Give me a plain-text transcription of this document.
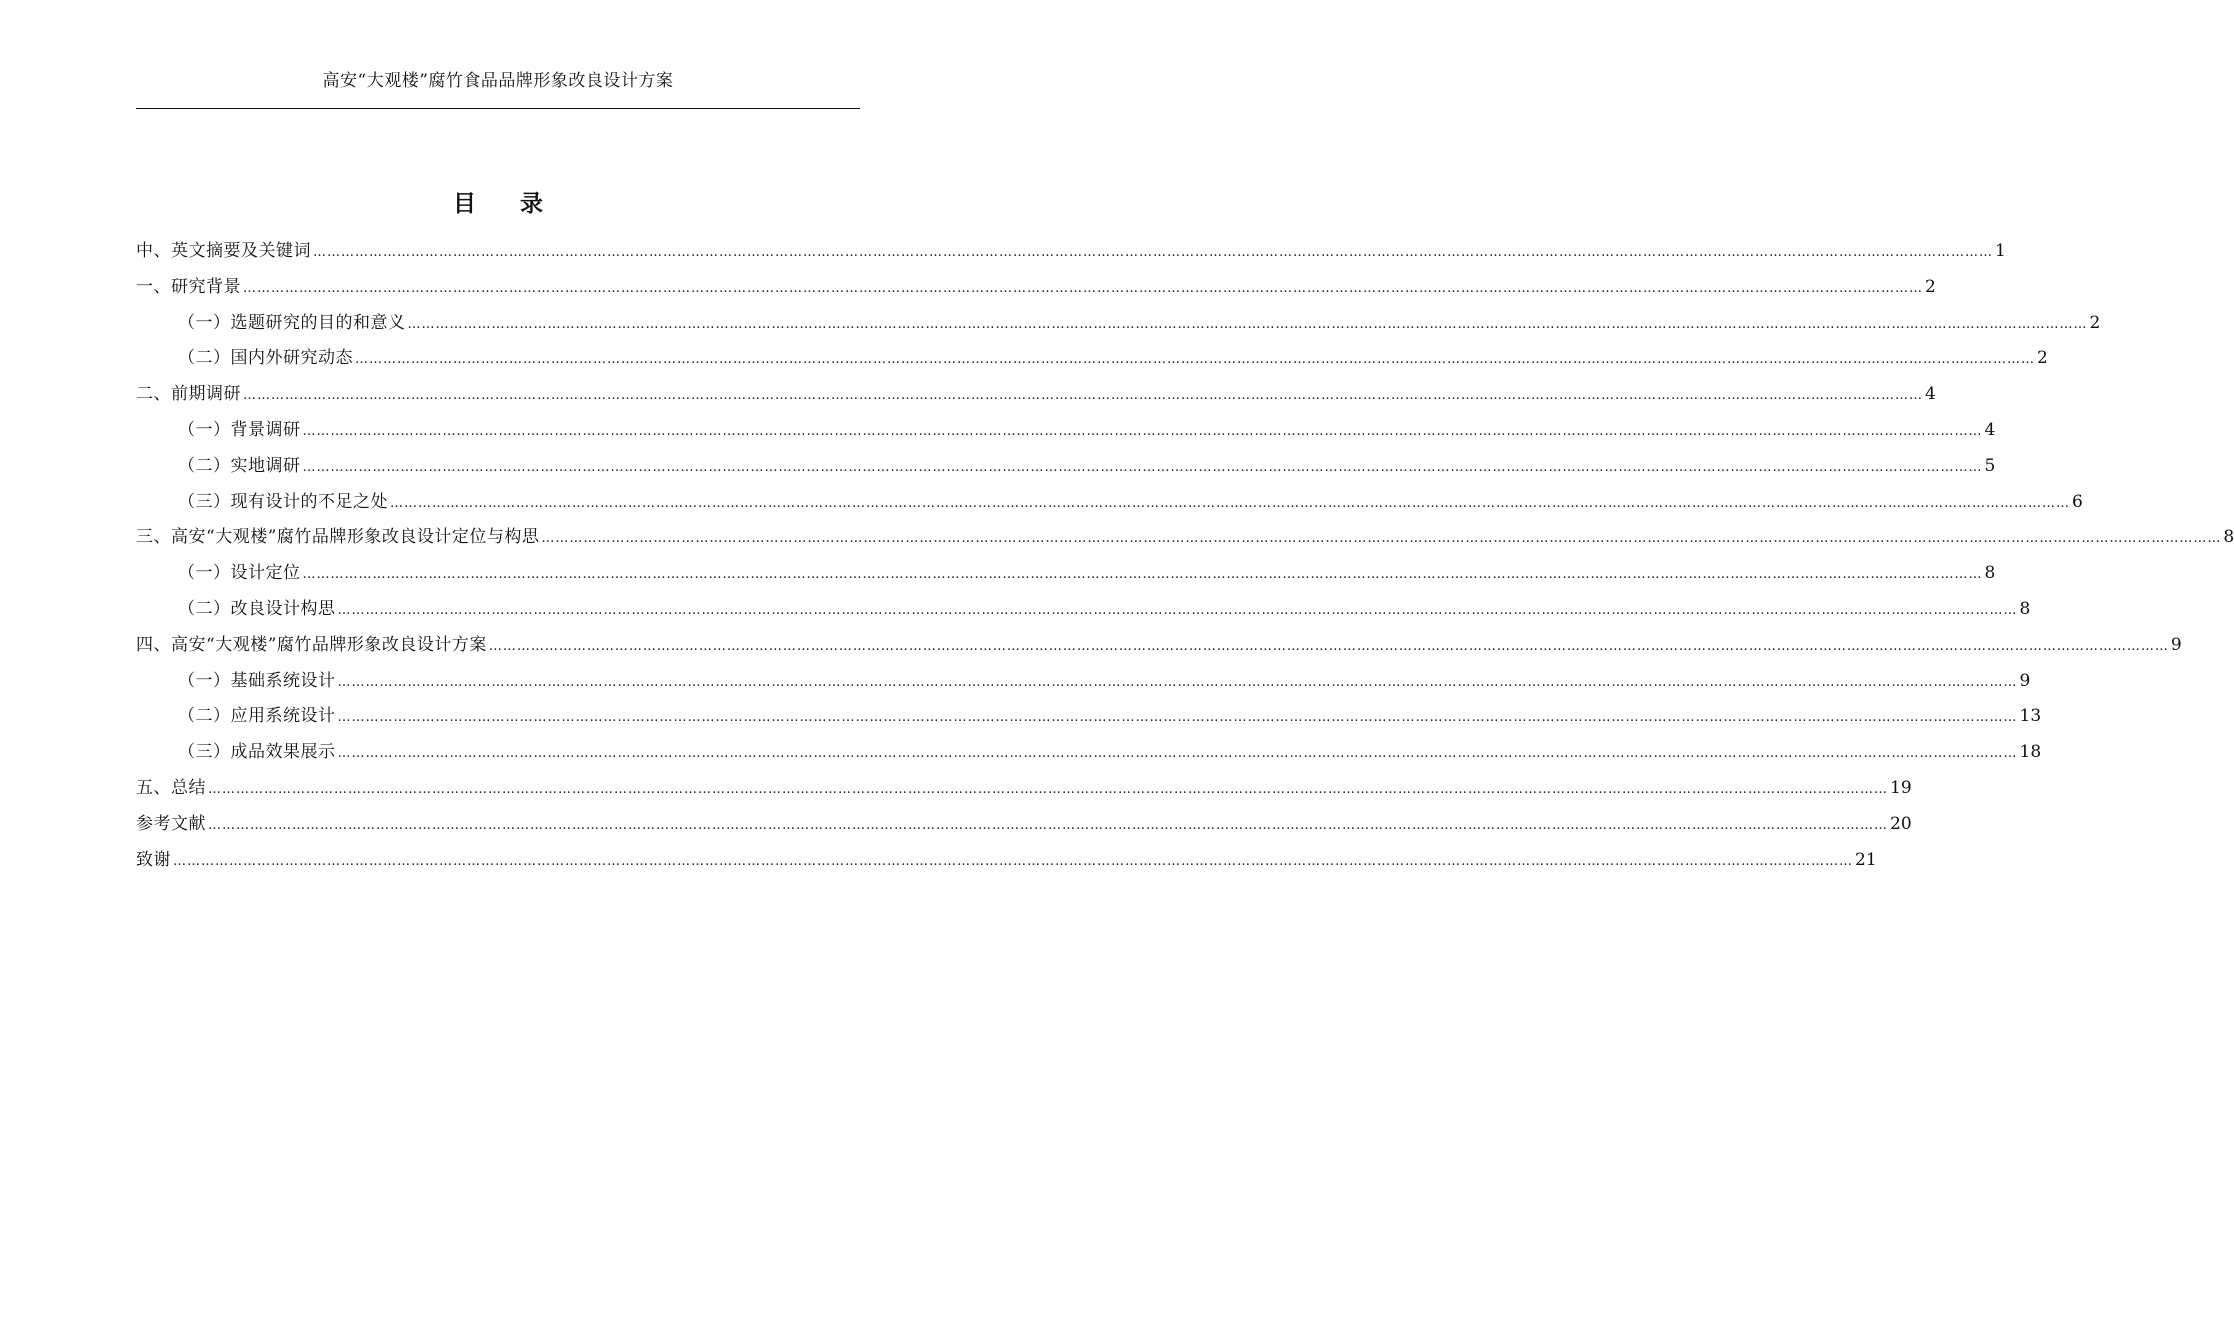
高安“大观楼”腐竹食品品牌形象改良设计方案
目录
中、英文摘要及关键词 ……………………………………………………………………………………………………………………………………………………………………………………………………………………………………………………………………………………………………………………………… 1
一、研究背景 ……………………………………………………………………………………………………………………………………………………………………………………………………………………………………………………………………………………………………………………………… 2
（一）选题研究的目的和意义 ……………………………………………………………………………………………………………………………………………………………………………………………………………………………………………………………………………………………………………………………… 2
（二）国内外研究动态 ……………………………………………………………………………………………………………………………………………………………………………………………………………………………………………………………………………………………………………………………… 2
二、前期调研 ……………………………………………………………………………………………………………………………………………………………………………………………………………………………………………………………………………………………………………………………… 4
（一）背景调研 ……………………………………………………………………………………………………………………………………………………………………………………………………………………………………………………………………………………………………………………………… 4
（二）实地调研 ……………………………………………………………………………………………………………………………………………………………………………………………………………………………………………………………………………………………………………………………… 5
（三）现有设计的不足之处 ……………………………………………………………………………………………………………………………………………………………………………………………………………………………………………………………………………………………………………………………… 6
三、高安“大观楼”腐竹品牌形象改良设计定位与构思 ……………………………………………………………………………………………………………………………………………………………………………………………………………………………………………………………………………………………………………………………… 8
（一）设计定位 ……………………………………………………………………………………………………………………………………………………………………………………………………………………………………………………………………………………………………………………………… 8
（二）改良设计构思 ……………………………………………………………………………………………………………………………………………………………………………………………………………………………………………………………………………………………………………………………… 8
四、高安“大观楼”腐竹品牌形象改良设计方案 ……………………………………………………………………………………………………………………………………………………………………………………………………………………………………………………………………………………………………………………………… 9
（一）基础系统设计 ……………………………………………………………………………………………………………………………………………………………………………………………………………………………………………………………………………………………………………………………… 9
（二）应用系统设计 ……………………………………………………………………………………………………………………………………………………………………………………………………………………………………………………………………………………………………………………………… 13
（三）成品效果展示 ……………………………………………………………………………………………………………………………………………………………………………………………………………………………………………………………………………………………………………………………… 18
五、总结 ……………………………………………………………………………………………………………………………………………………………………………………………………………………………………………………………………………………………………………………………… 19
参考文献 ……………………………………………………………………………………………………………………………………………………………………………………………………………………………………………………………………………………………………………………………… 20
致谢 ……………………………………………………………………………………………………………………………………………………………………………………………………………………………………………………………………………………………………………………………… 21
